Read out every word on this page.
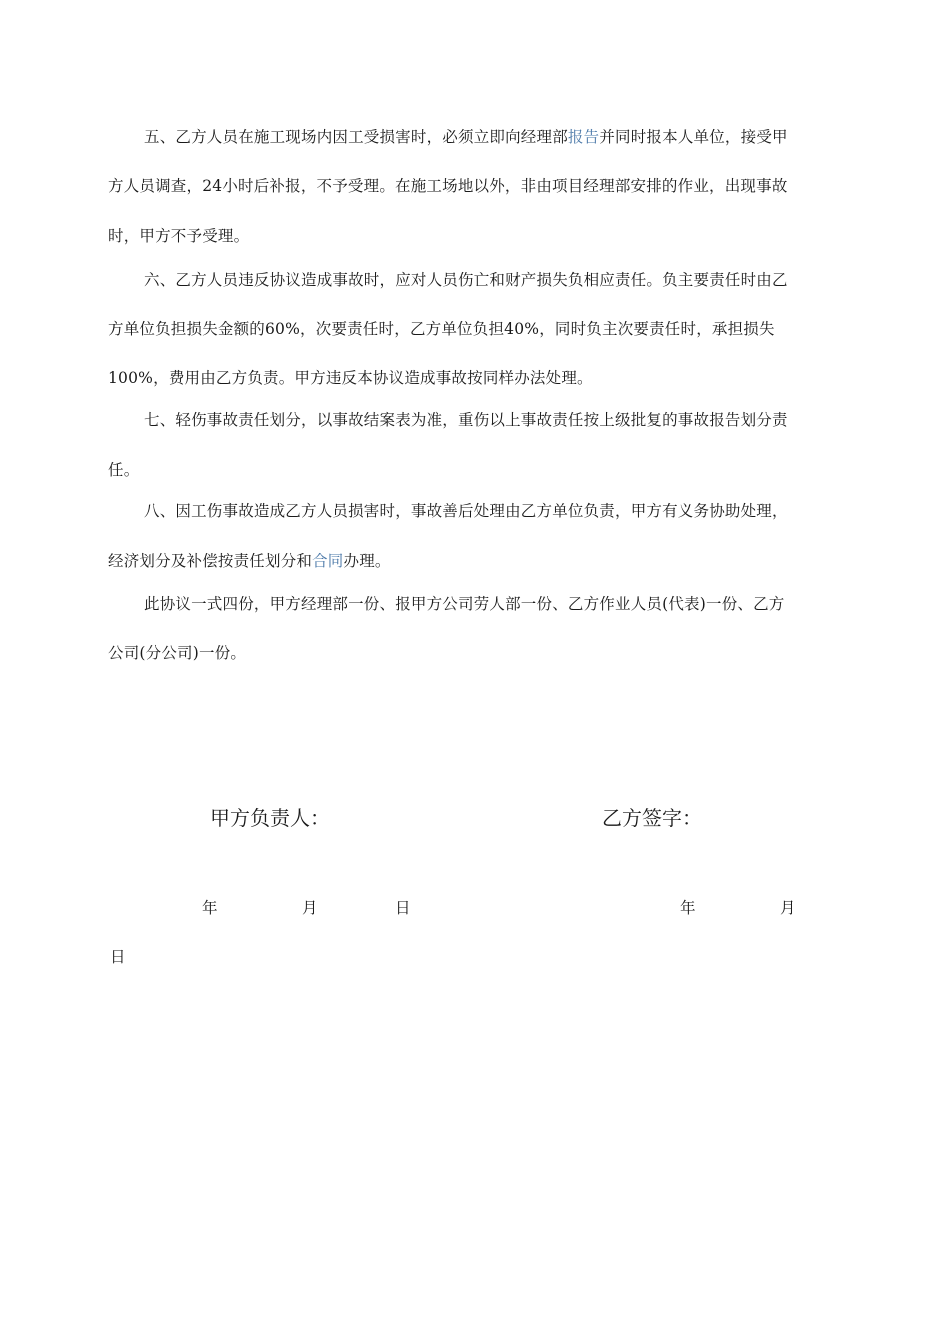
五、乙方人员在施工现场内因工受损害时，必须立即向经理部报告并同时报本人单位，接受甲
方人员调查，24小时后补报，不予受理。在施工场地以外，非由项目经理部安排的作业，出现事故
时，甲方不予受理。
六、乙方人员违反协议造成事故时，应对人员伤亡和财产损失负相应责任。负主要责任时由乙
方单位负担损失金额的60%，次要责任时，乙方单位负担40%，同时负主次要责任时，承担损失
100%，费用由乙方负责。甲方违反本协议造成事故按同样办法处理。
七、轻伤事故责任划分，以事故结案表为准，重伤以上事故责任按上级批复的事故报告划分责
任。
八、因工伤事故造成乙方人员损害时，事故善后处理由乙方单位负责，甲方有义务协助处理，
经济划分及补偿按责任划分和合同办理。
此协议一式四份，甲方经理部一份、报甲方公司劳人部一份、乙方作业人员(代表)一份、乙方
公司(分公司)一份。
甲方负责人：	乙方签字：
年	月	日	年	月
日
